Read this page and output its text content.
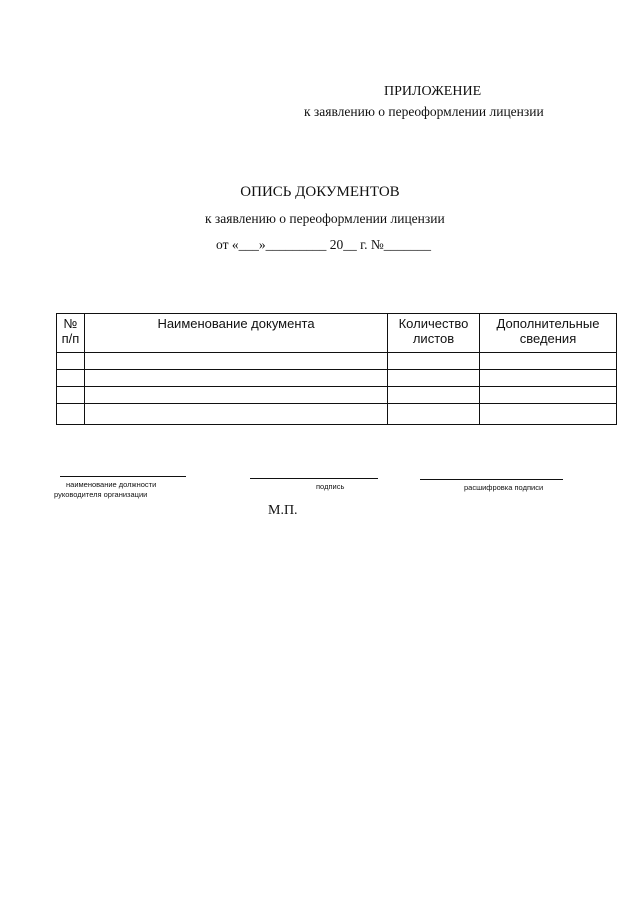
ПРИЛОЖЕНИЕ
к заявлению о переоформлении лицензии
ОПИСЬ ДОКУМЕНТОВ
к заявлению о переоформлении лицензии
от «___»_________ 20__ г. №_______
№ п/п	Наименование документа	Количество листов	Дополнительные сведения

наименование должности
руководителя организации
подпись	расшифровка подписи
М.П.
